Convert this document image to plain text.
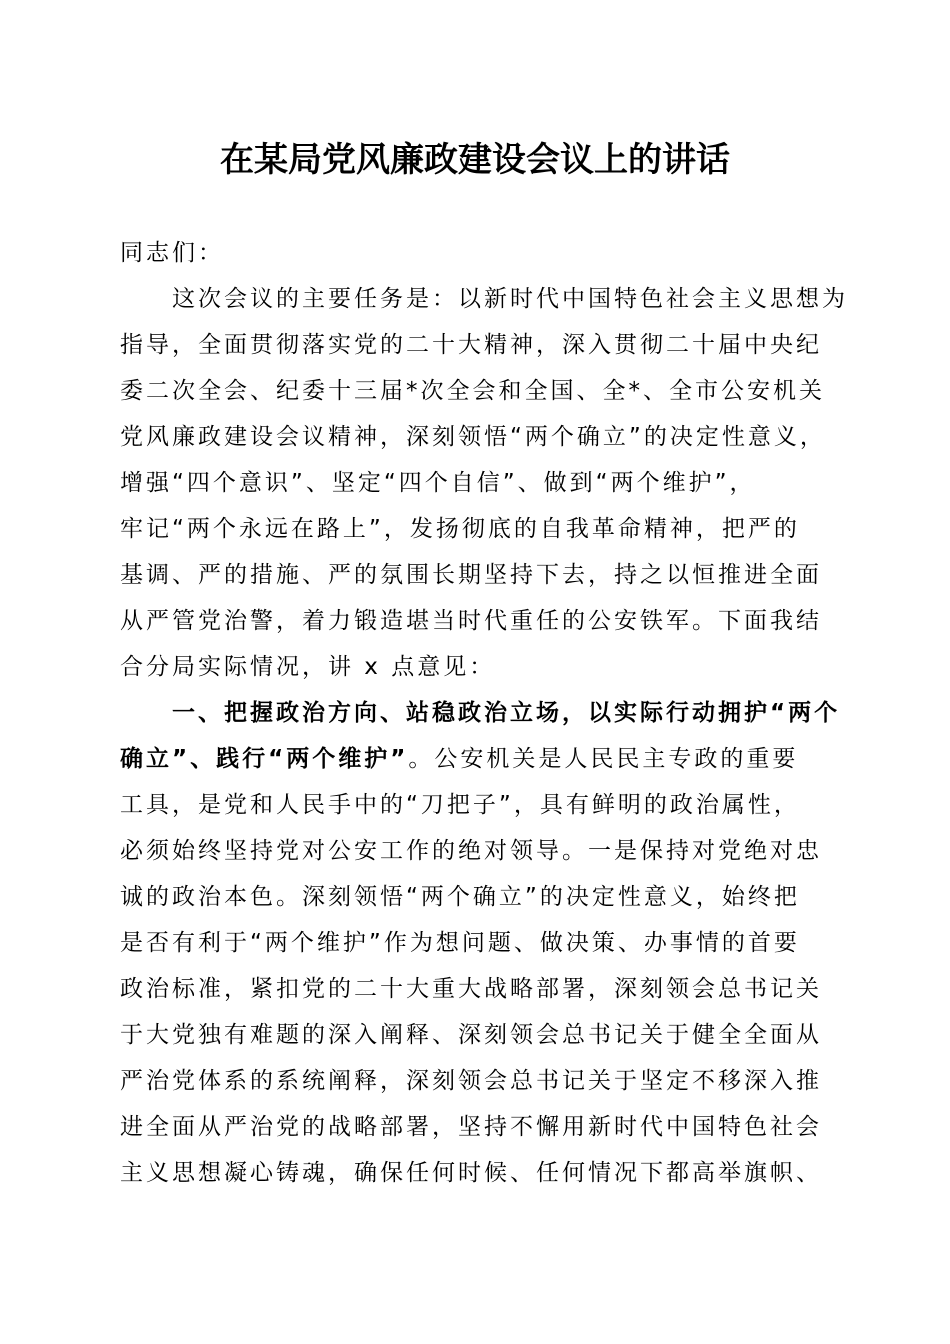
在某局党风廉政建设会议上的讲话
同志们：
　　这次会议的主要任务是：以新时代中国特色社会主义思想为
指导，全面贯彻落实党的二十大精神，深入贯彻二十届中央纪
委二次全会、纪委十三届*次全会和全国、全*、全市公安机关
党风廉政建设会议精神，深刻领悟“两个确立”的决定性意义，
增强“四个意识”、坚定“四个自信”、做到“两个维护”，
牢记“两个永远在路上”，发扬彻底的自我革命精神，把严的
基调、严的措施、严的氛围长期坚持下去，持之以恒推进全面
从严管党治警，着力锻造堪当时代重任的公安铁军。下面我结
合分局实际情况，讲 x 点意见：
　　一、把握政治方向、站稳政治立场，以实际行动拥护“两个
确立”、践行“两个维护”。公安机关是人民民主专政的重要
工具，是党和人民手中的“刀把子”，具有鲜明的政治属性，
必须始终坚持党对公安工作的绝对领导。一是保持对党绝对忠
诚的政治本色。深刻领悟“两个确立”的决定性意义，始终把
是否有利于“两个维护”作为想问题、做决策、办事情的首要
政治标准，紧扣党的二十大重大战略部署，深刻领会总书记关
于大党独有难题的深入阐释、深刻领会总书记关于健全全面从
严治党体系的系统阐释，深刻领会总书记关于坚定不移深入推
进全面从严治党的战略部署，坚持不懈用新时代中国特色社会
主义思想凝心铸魂，确保任何时候、任何情况下都高举旗帜、
